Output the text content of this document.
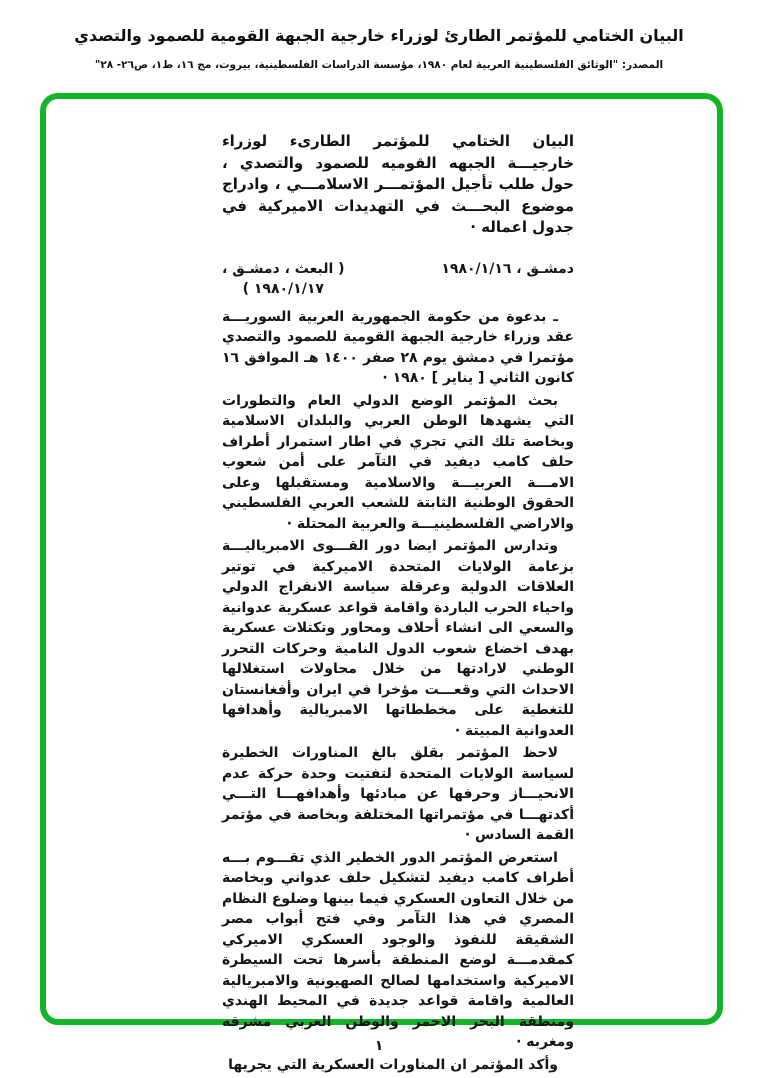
البيان الختامي للمؤتمر الطارئ لوزراء خارجية الجبهة القومية للصمود والتصدي
المصدر: "الوثائق الفلسطينية العربية لعام ١٩٨٠، مؤسسة الدراسات الفلسطينية، بيروت، مج ١٦، ط١، ص٢٦- ٢٨"
البيان الختامي للمؤتمر الطارىء لوزراء خارجيـــة الجبهه القوميه للصمود والتصدي ، حول طلب تأجيل المؤتمـــر الاسلامـــي ، وادراج موضوع البحـــث في التهديدات الاميركية في جدول اعماله ·
دمشـق ، ١٩٨٠/١/١٦
( البعث ، دمشـق ،
١٩٨٠/١/١٧ )

ـ بدعوة من حكومة الجمهورية العربية السوريـــة عقد وزراء خارجية الجبهة القومية للصمود والتصدي مؤتمرا في دمشق يوم ٢٨ صفر ١٤٠٠ هـ الموافق ١٦ كانون الثاني [ يناير ] ١٩٨٠ ·

بحث المؤتمر الوضع الدولي العام والتطورات التي يشهدها الوطن العربي والبلدان الاسلامية وبخاصة تلك التي تجري في اطار استمرار أطراف حلف كامب ديفيد في التآمر على أمن شعوب الامـــة العربيـــة والاسلامية ومستقبلها وعلى الحقوق الوطنية الثابتة للشعب العربي الفلسطيني والاراضي الفلسطينيـــة والعربية المحتلة ·

وتدارس المؤتمر ايضا دور القـــوى الامبرياليـــة بزعامة الولايات المتحدة الاميركية في توتير العلاقات الدولية وعرقلة سياسة الانفراج الدولي واحياء الحرب الباردة واقامة قواعد عسكرية عدوانية والسعي الى انشاء أحلاف ومحاور وتكتلات عسكرية بهدف اخضاع شعوب الدول النامية وحركات التحرر الوطني لارادتها من خلال محاولات استغلالها الاحداث التي وقعـــت مؤخرا في ايران وأفغانستان للتغطية على مخططاتها الامبريالية وأهدافها العدوانية المبيتة ·

لاحظ المؤتمر بقلق بالغ المناورات الخطيرة لسياسة الولايات المتحدة لتفتيت وحدة حركة عدم الانحيـــاز وحرفها عن مبادئها وأهدافهـــا التـــي أكدتهـــا في مؤتمراتها المختلفة وبخاصة في مؤتمر القمة السادس ·

استعرض المؤتمر الدور الخطير الذي تقـــوم بـــه أطراف كامب ديفيد لتشكيل حلف عدواني وبخاصة من خلال التعاون العسكري فيما بينها وضلوع النظام المصري في هذا التآمر وفي فتح أبواب مصر الشقيقة للنفوذ والوجود العسكري الاميركي كمقدمـــة لوضع المنطقة بأسرها تحت السيطرة الاميركية واستخدامها لصالح الصهيونية والامبريالية العالمية واقامة قواعد جديدة في المحيط الهندي ومنطقة البحر الاحمر والوطن العربي مشرقه ومغربه ·

وأكد المؤتمر ان المناورات العسكرية التي يجريها

١
